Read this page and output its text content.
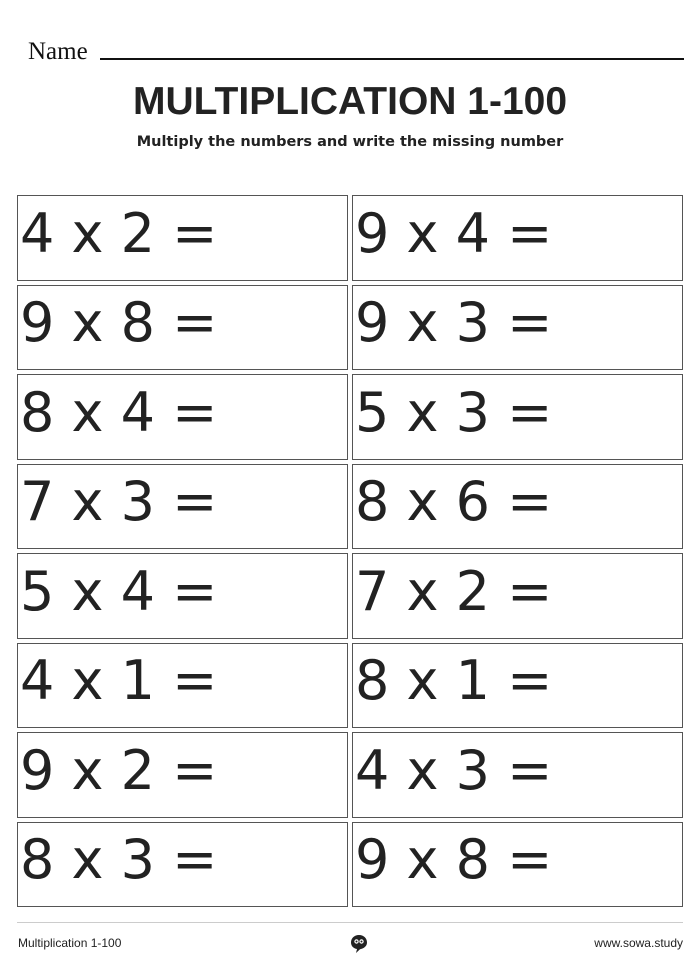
Name
MULTIPLICATION 1-100
Multiply the numbers and write the missing number
4 x 2 =	9 x 4 =
9 x 8 =	9 x 3 =
8 x 4 =	5 x 3 =
7 x 3 =	8 x 6 =
5 x 4 =	7 x 2 =
4 x 1 =	8 x 1 =
9 x 2 =	4 x 3 =
8 x 3 =	9 x 8 =
Multiplication 1-100	www.sowa.study
